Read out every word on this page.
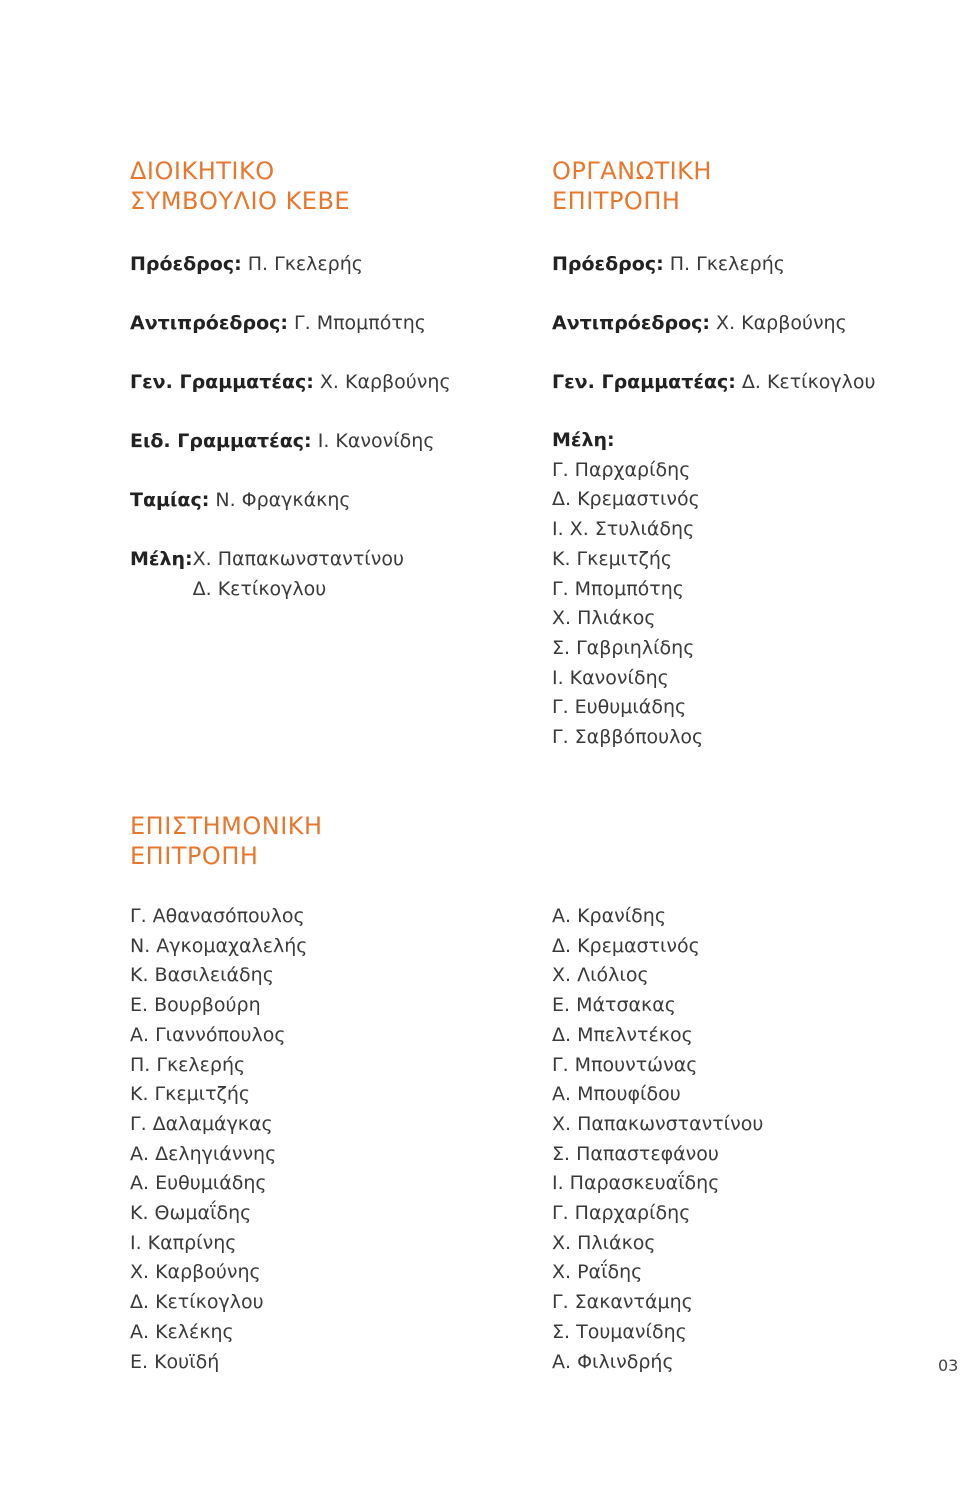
ΔΙΟΙΚΗΤΙΚΟ
ΣΥΜΒΟΥΛΙΟ ΚΕΒΕ
Πρόεδρος: Π. Γκελερής
Αντιπρόεδρος: Γ. Μπομπότης
Γεν. Γραμματέας: Χ. Καρβούνης
Ειδ. Γραμματέας: Ι. Κανονίδης
Ταμίας: Ν. Φραγκάκης
Μέλη: Χ. Παπακωνσταντίνου
Δ. Κετίκογλου
ΟΡΓΑΝΩΤΙΚΗ
ΕΠΙΤΡΟΠΗ
Πρόεδρος: Π. Γκελερής
Αντιπρόεδρος: Χ. Καρβούνης
Γεν. Γραμματέας: Δ. Κετίκογλου
Μέλη:
Γ. Παρχαρίδης
Δ. Κρεμαστινός
Ι. Χ. Στυλιάδης
Κ. Γκεμιτζής
Γ. Μπομπότης
Χ. Πλιάκος
Σ. Γαβριηλίδης
Ι. Κανονίδης
Γ. Ευθυμιάδης
Γ. Σαββόπουλος
ΕΠΙΣΤΗΜΟΝΙΚΗ
ΕΠΙΤΡΟΠΗ
Γ. Αθανασόπουλος
Ν. Αγκομαχαλελής
Κ. Βασιλειάδης
Ε. Βουρβούρη
Α. Γιαννόπουλος
Π. Γκελερής
Κ. Γκεμιτζής
Γ. Δαλαμάγκας
Α. Δεληγιάννης
Α. Ευθυμιάδης
Κ. Θωμαΐδης
Ι. Καπρίνης
Χ. Καρβούνης
Δ. Κετίκογλου
Α. Κελέκης
Ε. Κουϊδή
Α. Κρανίδης
Δ. Κρεμαστινός
Χ. Λιόλιος
Ε. Μάτσακας
Δ. Μπελντέκος
Γ. Μπουντώνας
Α. Μπουφίδου
Χ. Παπακωνσταντίνου
Σ. Παπαστεφάνου
Ι. Παρασκευαΐδης
Γ. Παρχαρίδης
Χ. Πλιάκος
Χ. Ραΐδης
Γ. Σακαντάμης
Σ. Τουμανίδης
Α. Φιλινδρής	03
